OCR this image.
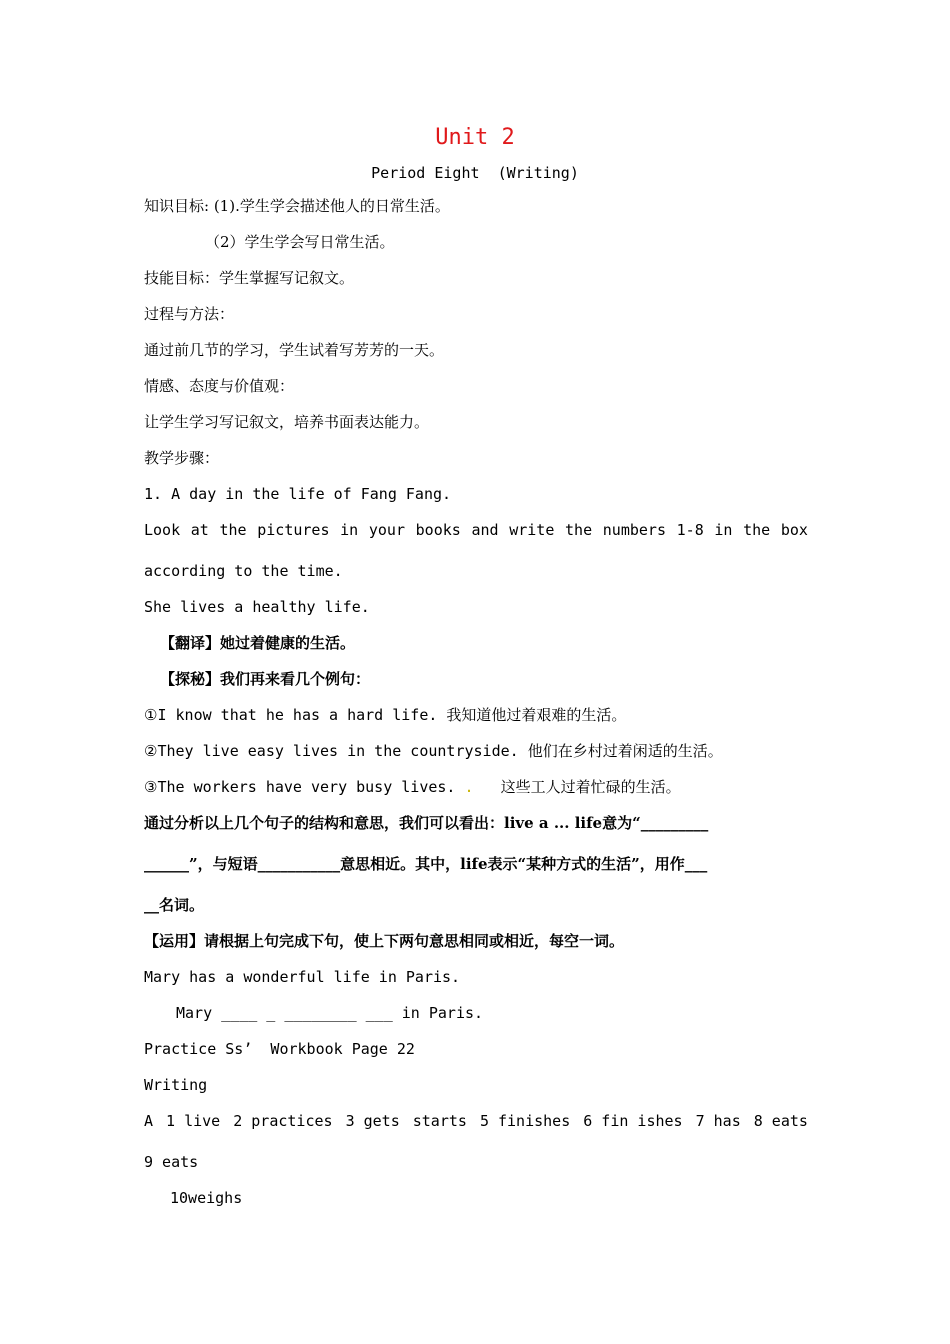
Unit 2
Period Eight  (Writing)
知识目标: (1).学生学会描述他人的日常生活。
（2）学生学会写日常生活。
技能目标：学生掌握写记叙文。
过程与方法：
通过前几节的学习，学生试着写芳芳的一天。
情感、态度与价值观：
让学生学习写记叙文，培养书面表达能力。
教学步骤：
1. A day in the life of Fang Fang.
Look at the pictures in your books and write the numbers 1-8 in the box
according to the time.
She lives a healthy life.
【翻译】她过着健康的生活。
【探秘】我们再来看几个例句：
①I know that he has a hard life. 我知道他过着艰难的生活。
②They live easy lives in the countryside. 他们在乡村过着闲适的生活。
③The workers have very busy lives. .   这些工人过着忙碌的生活。
通过分析以上几个句子的结构和意思，我们可以看出：live a ... life意为“_________
______”，与短语___________意思相近。其中，life表示“某种方式的生活”，用作___
__名词。
【运用】请根据上句完成下句，使上下两句意思相同或相近，每空一词。
Mary has a wonderful life in Paris.
Mary ____ _ ________ ___ in Paris.
Practice Ss’  Workbook Page 22
Writing
A 1 live 2 practices 3 gets starts 5 finishes 6 fin ishes 7 has 8 eats
9 eats
10weighs
